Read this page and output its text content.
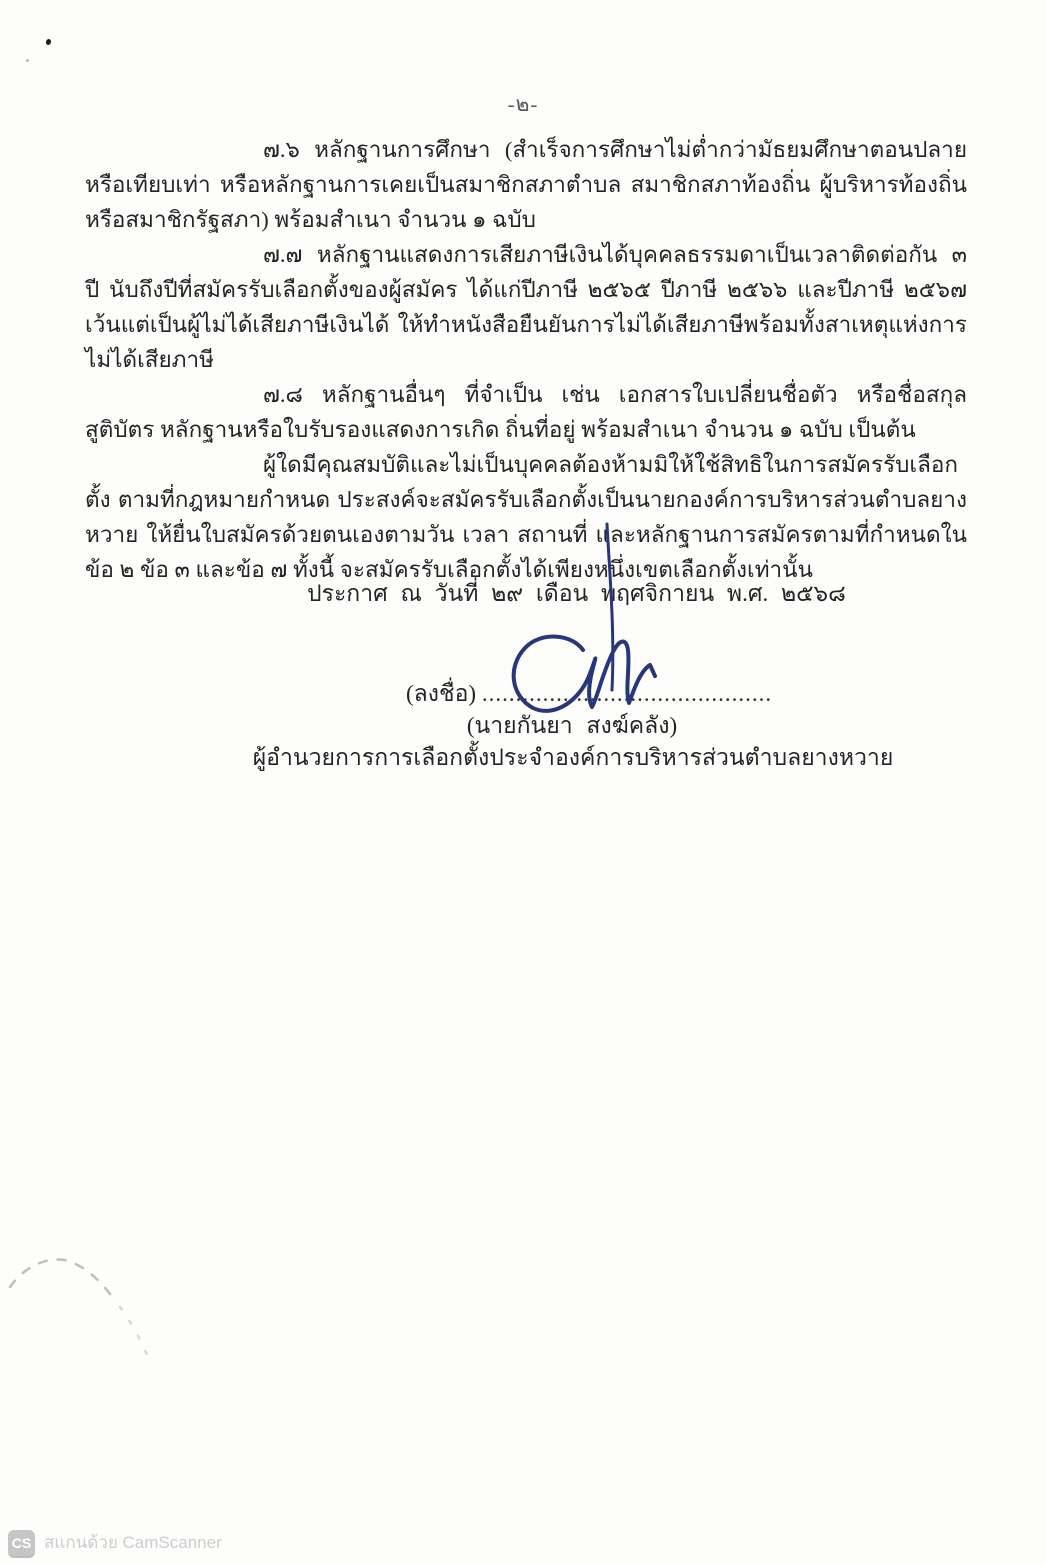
-๒-

๗.๖ หลักฐานการศึกษา (สำเร็จการศึกษาไม่ต่ำกว่ามัธยมศึกษาตอนปลายหรือเทียบเท่า หรือหลักฐานการเคยเป็นสมาชิกสภาตำบล สมาชิกสภาท้องถิ่น ผู้บริหารท้องถิ่น หรือสมาชิกรัฐสภา) พร้อมสำเนา จำนวน ๑ ฉบับ

๗.๗ หลักฐานแสดงการเสียภาษีเงินได้บุคคลธรรมดาเป็นเวลาติดต่อกัน ๓ ปี นับถึงปีที่สมัครรับเลือกตั้งของผู้สมัคร ได้แก่ปีภาษี ๒๕๖๕ ปีภาษี ๒๕๖๖ และปีภาษี ๒๕๖๗ เว้นแต่เป็นผู้ไม่ได้เสียภาษีเงินได้ ให้ทำหนังสือยืนยันการไม่ได้เสียภาษีพร้อมทั้งสาเหตุแห่งการไม่ได้เสียภาษี

๗.๘ หลักฐานอื่นๆ ที่จำเป็น เช่น เอกสารใบเปลี่ยนชื่อตัว หรือชื่อสกุล สูติบัตร หลักฐานหรือใบรับรองแสดงการเกิด ถิ่นที่อยู่ พร้อมสำเนา จำนวน ๑ ฉบับ เป็นต้น

ผู้ใดมีคุณสมบัติและไม่เป็นบุคคลต้องห้ามมิให้ใช้สิทธิในการสมัครรับเลือกตั้ง ตามที่กฎหมายกำหนด ประสงค์จะสมัครรับเลือกตั้งเป็นนายกองค์การบริหารส่วนตำบลยางหวาย ให้ยื่นใบสมัครด้วยตนเองตามวัน เวลา สถานที่ และหลักฐานการสมัครตามที่กำหนดในข้อ ๒ ข้อ ๓ และข้อ ๗ ทั้งนี้ จะสมัครรับเลือกตั้งได้เพียงหนึ่งเขตเลือกตั้งเท่านั้น

ประกาศ ณ วันที่ ๒๙ เดือน พฤศจิกายน พ.ศ. ๒๕๖๘
(ลงชื่อ) ...........................................
(นายกันยา สงฆ์คลัง)
ผู้อำนวยการการเลือกตั้งประจำองค์การบริหารส่วนตำบลยางหวาย
CS สแกนด้วย CamScanner
